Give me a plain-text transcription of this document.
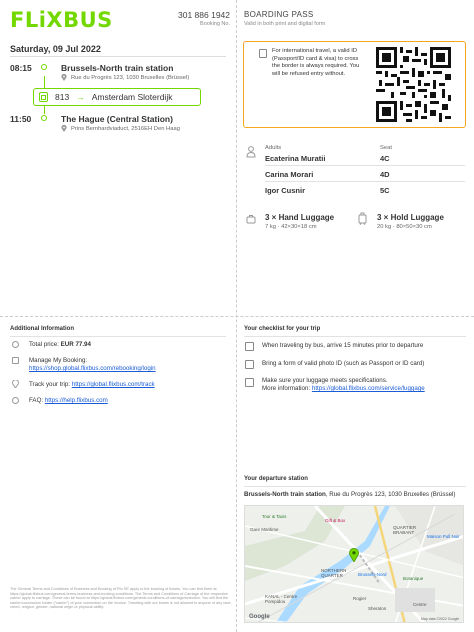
FLiXBUS	301 886 1942
Booking No.
BOARDING PASS
Valid in both print and digital form
Saturday, 09 Jul 2022
08:15	Brussels-North train station
Rue du Progrès 123, 1030 Bruxelles (Brüssel)
813 → Amsterdam Sloterdijk
11:50	The Hague (Central Station)
Prins Bernhardviaduct, 2516EH Den Haag
For international travel, a valid ID (Passport/ID card & visa) to cross the border is always required. You will be refused entry without.
Adults	Seat
Ecaterina Muratii	4C
Carina Morari	4D
Igor Cusnir	5C
3 × Hand Luggage
7 kg · 42×30×18 cm
3 × Hold Luggage
20 kg · 80×50×30 cm
Additional Information
Total price: EUR 77.94
Manage My Booking:
https://shop.global.flixbus.com/rebooking/login
Track your trip: https://global.flixbus.com/track
FAQ: https://help.flixbus.com
Your checklist for your trip
When traveling by bus, arrive 15 minutes prior to departure
Bring a form of valid photo ID (such as Passport or ID card)
Make sure your luggage meets specifications.
More information: https://global.flixbus.com/service/luggage
Your departure station
Brussels-North train station, Rue du Progrès 123, 1030 Bruxelles (Brüssel)
Tour & Taxis
Gare Maritime	QUARTIER BRABANT
Maison Pull Noir
Brussels-Nord
NORTHERN QUARTER
Rogier
Gift & Box
Sheraton
Centre
KANAL - Centre Pompidou
Botanique
Google	Map data ©2022 Google
The General Terms and Conditions of Business and Booking of Flix SE apply to the booking of tickets. You can find them at https://global.flixbus.com/general-terms-business-and-booking-conditions. The Terms and Conditions of Carriage of the respective carrier apply to carriage. These can be found at https://global.flixbus.com/general-conditions-of-carriage/selection. You will find the carrier/concession holder (“carrier”) of your connection on the invoice. Traveling with our buses is not allowed to anyone of any race, creed, religion, gender, national origin or physical ability.
